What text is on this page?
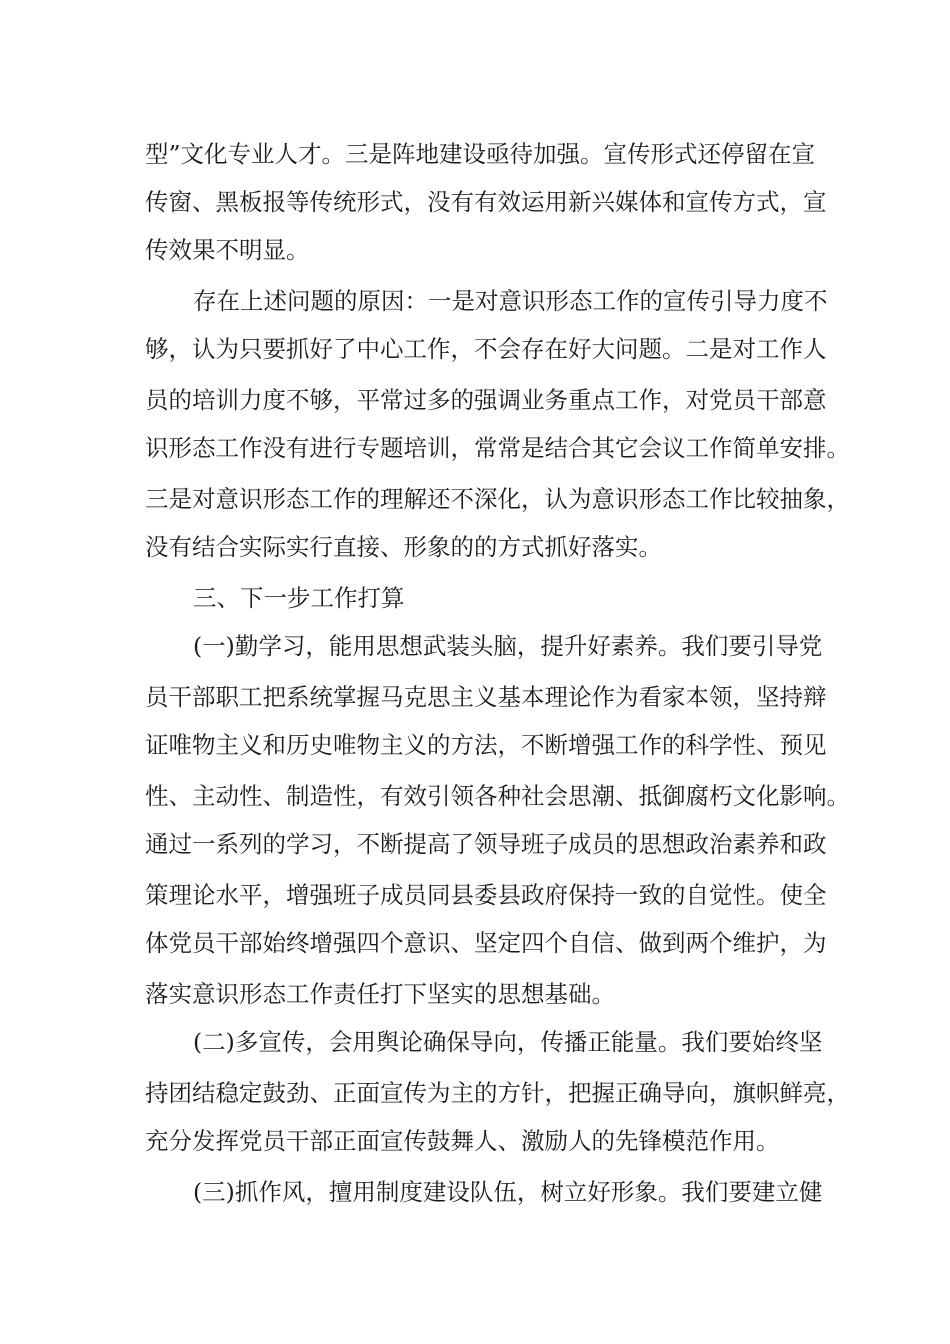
型”文化专业人才。三是阵地建设亟待加强。宣传形式还停留在宣
传窗、黑板报等传统形式，没有有效运用新兴媒体和宣传方式，宣
传效果不明显。
存在上述问题的原因：一是对意识形态工作的宣传引导力度不
够，认为只要抓好了中心工作，不会存在好大问题。二是对工作人
员的培训力度不够，平常过多的强调业务重点工作，对党员干部意
识形态工作没有进行专题培训，常常是结合其它会议工作简单安排。
三是对意识形态工作的理解还不深化，认为意识形态工作比较抽象，
没有结合实际实行直接、形象的的方式抓好落实。
三、下一步工作打算
(一)勤学习，能用思想武装头脑，提升好素养。我们要引导党
员干部职工把系统掌握马克思主义基本理论作为看家本领，坚持辩
证唯物主义和历史唯物主义的方法，不断增强工作的科学性、预见
性、主动性、制造性，有效引领各种社会思潮、抵御腐朽文化影响。
通过一系列的学习，不断提高了领导班子成员的思想政治素养和政
策理论水平，增强班子成员同县委县政府保持一致的自觉性。使全
体党员干部始终增强四个意识、坚定四个自信、做到两个维护，为
落实意识形态工作责任打下坚实的思想基础。
(二)多宣传，会用舆论确保导向，传播正能量。我们要始终坚
持团结稳定鼓劲、正面宣传为主的方针，把握正确导向，旗帜鲜亮，
充分发挥党员干部正面宣传鼓舞人、激励人的先锋模范作用。
(三)抓作风，擅用制度建设队伍，树立好形象。我们要建立健
